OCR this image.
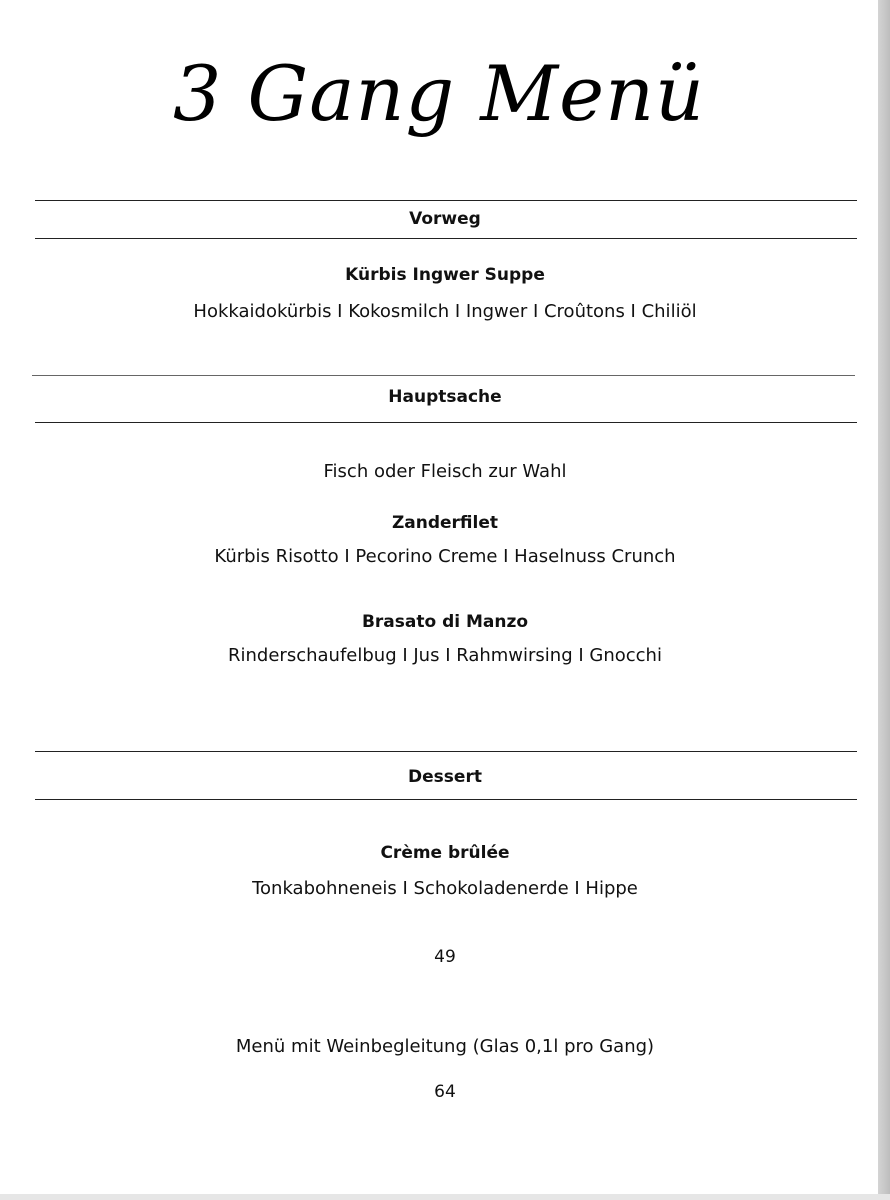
3 Gang Menü
Vorweg
Kürbis Ingwer Suppe
Hokkaidokürbis I Kokosmilch I Ingwer I Croûtons I Chiliöl
Hauptsache
Fisch oder Fleisch zur Wahl
Zanderfilet
Kürbis Risotto I Pecorino Creme I Haselnuss Crunch
Brasato di Manzo
Rinderschaufelbug I Jus I Rahmwirsing I Gnocchi
Dessert
Crème brûlée
Tonkabohneneis I Schokoladenerde I Hippe
49
Menü mit Weinbegleitung (Glas 0,1l pro Gang)
64
